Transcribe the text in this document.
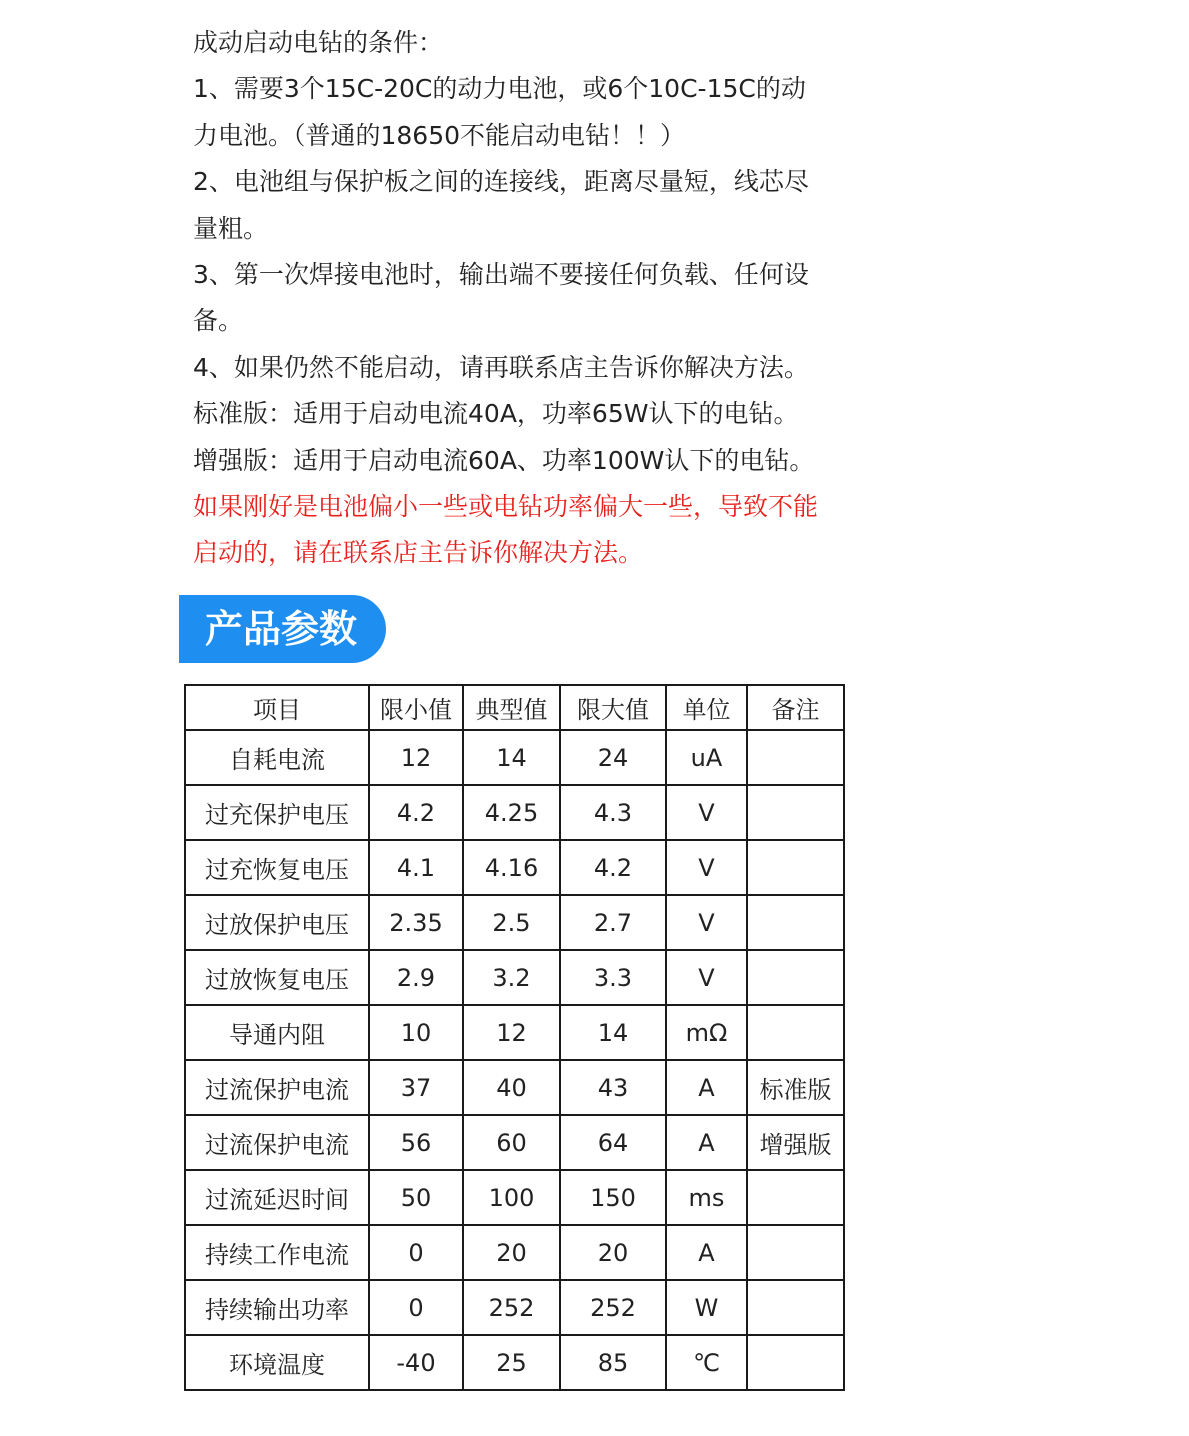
成动启动电钻的条件：
1、需要3个15C-20C的动力电池，或6个10C-15C的动
力电池。（普通的18650不能启动电钻！！）
2、电池组与保护板之间的连接线，距离尽量短，线芯尽
量粗。
3、第一次焊接电池时，输出端不要接任何负载、任何设
备。
4、如果仍然不能启动，请再联系店主告诉你解决方法。
标准版：适用于启动电流40A，功率65W认下的电钻。
增强版：适用于启动电流60A、功率100W认下的电钻。
如果刚好是电池偏小一些或电钻功率偏大一些，导致不能
启动的，请在联系店主告诉你解决方法。
产品参数
项目	限小值	典型值	限大值	单位	备注
自耗电流	12	14	24	uA	
过充保护电压	4.2	4.25	4.3	V	
过充恢复电压	4.1	4.16	4.2	V	
过放保护电压	2.35	2.5	2.7	V	
过放恢复电压	2.9	3.2	3.3	V	
导通内阻	10	12	14	mΩ	
过流保护电流	37	40	43	A	标准版
过流保护电流	56	60	64	A	增强版
过流延迟时间	50	100	150	ms	
持续工作电流	0	20	20	A	
持续输出功率	0	252	252	W	
环境温度	-40	25	85	℃	
